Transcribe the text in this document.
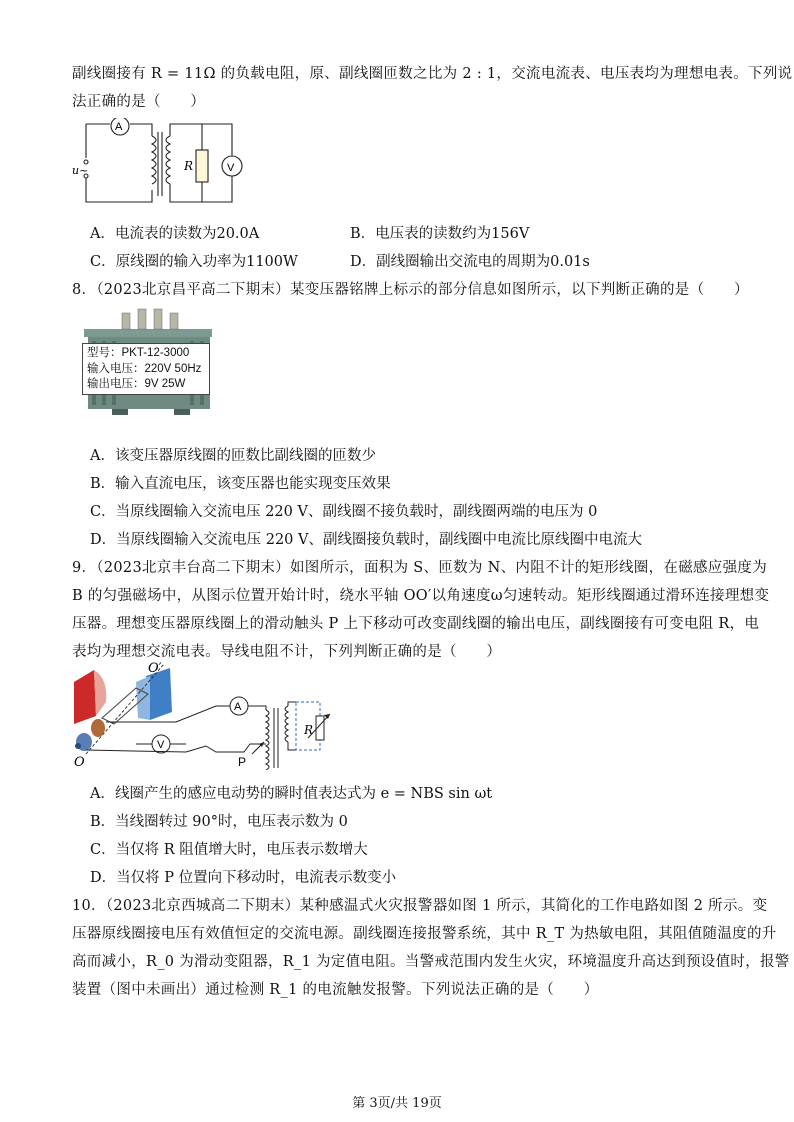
副线圈接有 R = 11Ω 的负载电阻，原、副线圈匝数之比为 2 : 1，交流电流表、电压表均为理想电表。下列说
法正确的是（　　）
A
V
R
u~
A．电流表的读数为20.0A	B．电压表的读数约为156V
C．原线圈的输入功率为1100W	D．副线圈输出交流电的周期为0.01s
8．（2023北京昌平高二下期末）某变压器铭牌上标示的部分信息如图所示，以下判断正确的是（　　）
型号：PKT-12-3000
输入电压：220V 50Hz
输出电压：9V 25W
A．该变压器原线圈的匝数比副线圈的匝数少
B．输入直流电压，该变压器也能实现变压效果
C．当原线圈输入交流电压 220 V、副线圈不接负载时，副线圈两端的电压为 0
D．当原线圈输入交流电压 220 V、副线圈接负载时，副线圈中电流比原线圈中电流大
9．（2023北京丰台高二下期末）如图所示，面积为 S、匝数为 N、内阻不计的矩形线圈，在磁感应强度为
B 的匀强磁场中，从图示位置开始计时，绕水平轴 OO′以角速度ω匀速转动。矩形线圈通过滑环连接理想变
压器。理想变压器原线圈上的滑动触头 P 上下移动可改变副线圈的输出电压，副线圈接有可变电阻 R，电
表均为理想交流电表。导线电阻不计，下列判断正确的是（　　）
O′
O
A
V
R
P
A．线圈产生的感应电动势的瞬时值表达式为 e = NBS sin ωt
B．当线圈转过 90°时，电压表示数为 0
C．当仅将 R 阻值增大时，电压表示数增大
D．当仅将 P 位置向下移动时，电流表示数变小
10．（2023北京西城高二下期末）某种感温式火灾报警器如图 1 所示，其简化的工作电路如图 2 所示。变
压器原线圈接电压有效值恒定的交流电源。副线圈连接报警系统，其中 R_T 为热敏电阻，其阻值随温度的升
高而减小，R_0 为滑动变阻器，R_1 为定值电阻。当警戒范围内发生火灾，环境温度升高达到预设值时，报警
装置（图中未画出）通过检测 R_1 的电流触发报警。下列说法正确的是（　　）
第 3页/共 19页
